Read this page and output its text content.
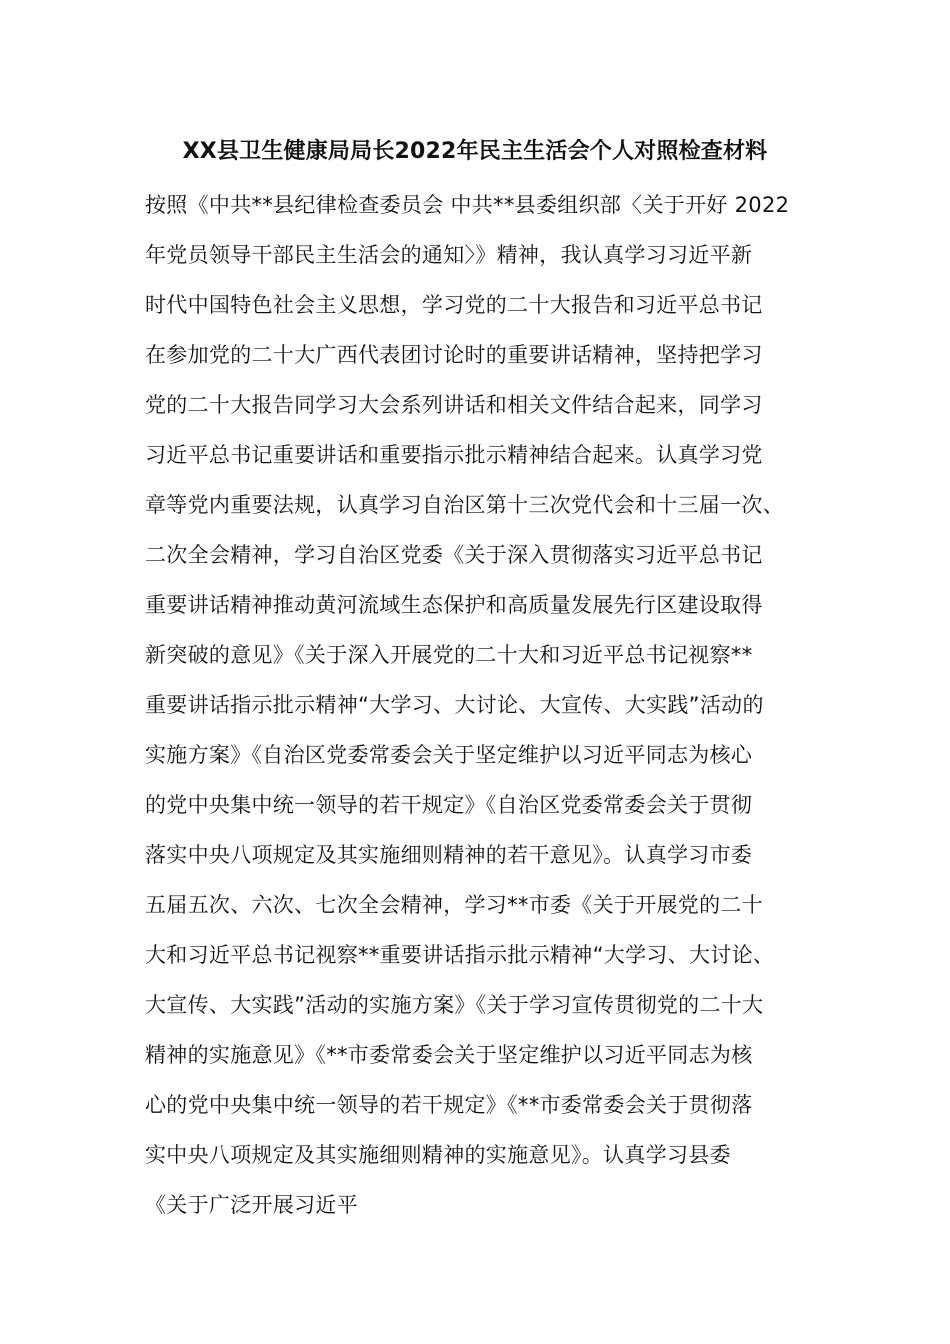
XX县卫生健康局局长2022年民主生活会个人对照检查材料
按照《中共**县纪律检查委员会 中共**县委组织部〈关于开好 2022
年党员领导干部民主生活会的通知〉》精神，我认真学习习近平新
时代中国特色社会主义思想，学习党的二十大报告和习近平总书记
在参加党的二十大广西代表团讨论时的重要讲话精神，坚持把学习
党的二十大报告同学习大会系列讲话和相关文件结合起来，同学习
习近平总书记重要讲话和重要指示批示精神结合起来。认真学习党
章等党内重要法规，认真学习自治区第十三次党代会和十三届一次、
二次全会精神，学习自治区党委《关于深入贯彻落实习近平总书记
重要讲话精神推动黄河流域生态保护和高质量发展先行区建设取得
新突破的意见》《关于深入开展党的二十大和习近平总书记视察**
重要讲话指示批示精神“大学习、大讨论、大宣传、大实践”活动的
实施方案》《自治区党委常委会关于坚定维护以习近平同志为核心
的党中央集中统一领导的若干规定》《自治区党委常委会关于贯彻
落实中央八项规定及其实施细则精神的若干意见》。认真学习市委
五届五次、六次、七次全会精神，学习**市委《关于开展党的二十
大和习近平总书记视察**重要讲话指示批示精神“大学习、大讨论、
大宣传、大实践”活动的实施方案》《关于学习宣传贯彻党的二十大
精神的实施意见》《**市委常委会关于坚定维护以习近平同志为核
心的党中央集中统一领导的若干规定》《**市委常委会关于贯彻落
实中央八项规定及其实施细则精神的实施意见》。认真学习县委
《关于广泛开展习近平
